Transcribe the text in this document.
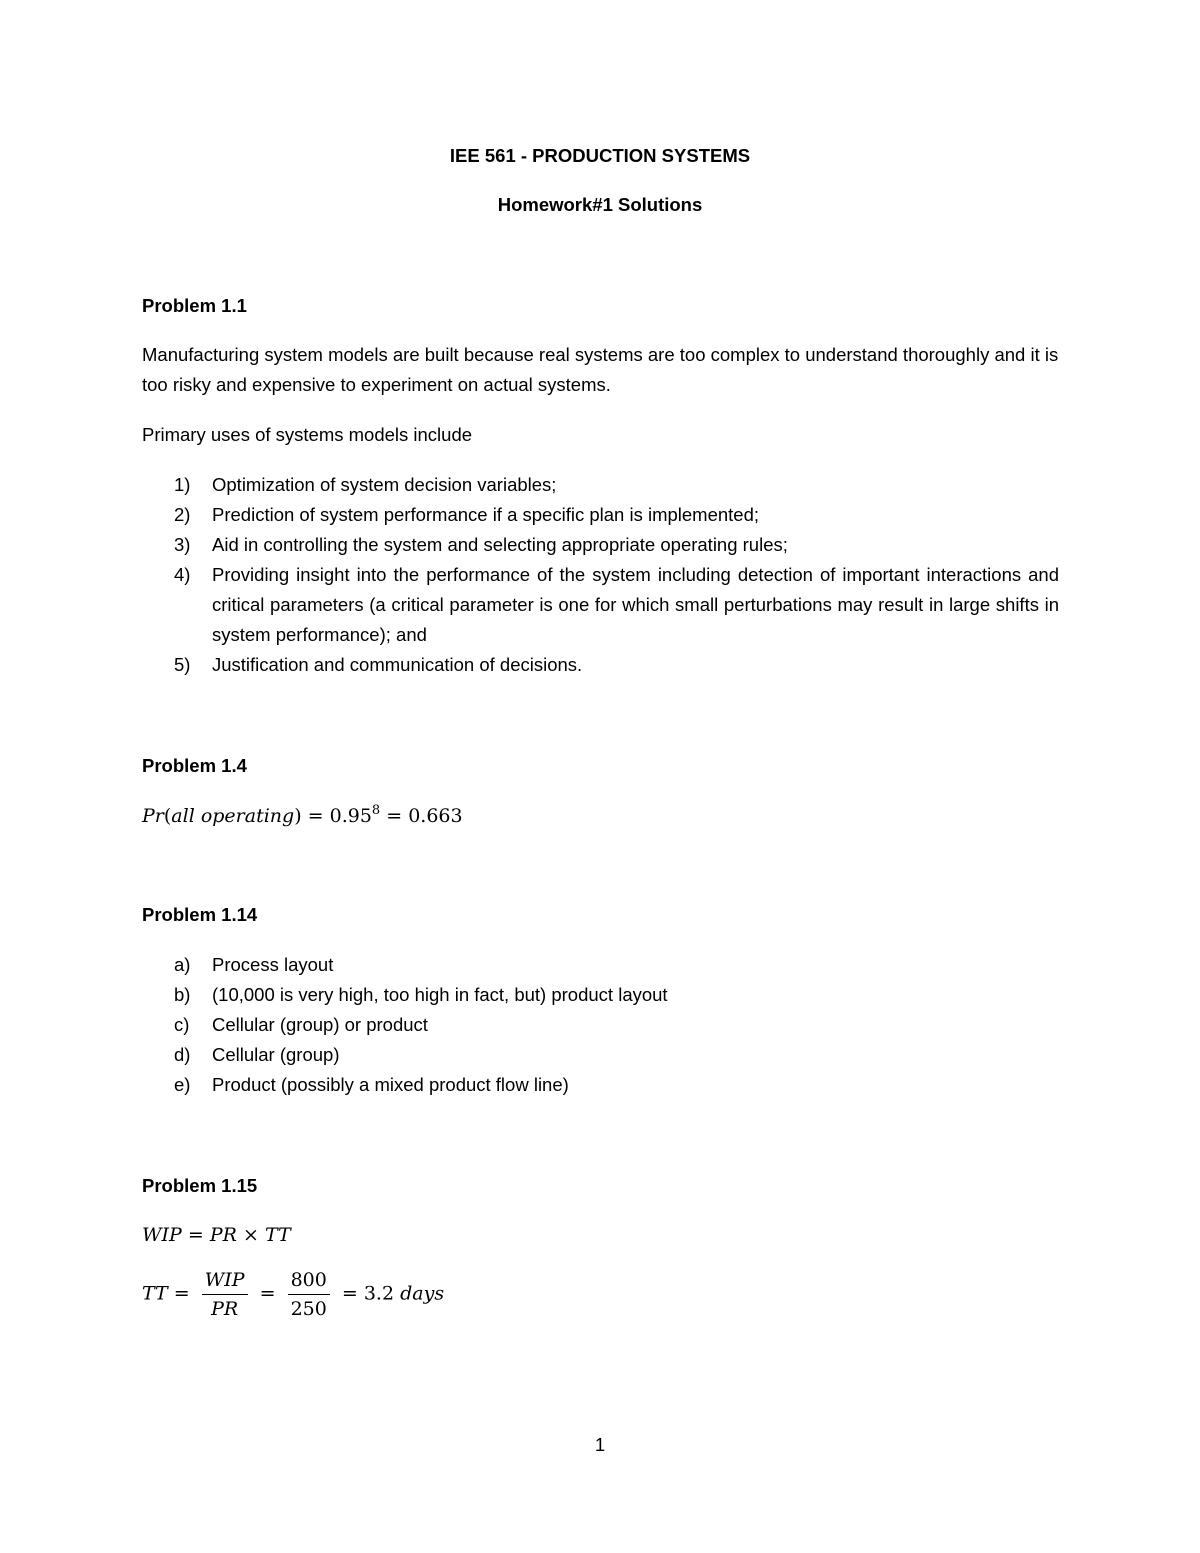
IEE 561 - PRODUCTION SYSTEMS
Homework#1 Solutions
Problem 1.1

Manufacturing system models are built because real systems are too complex to understand thoroughly and it is too risky and expensive to experiment on actual systems.

Primary uses of systems models include
1) Optimization of system decision variables;
2) Prediction of system performance if a specific plan is implemented;
3) Aid in controlling the system and selecting appropriate operating rules;
4) Providing insight into the performance of the system including detection of important interactions and critical parameters (a critical parameter is one for which small perturbations may result in large shifts in system performance); and
5) Justification and communication of decisions.
Problem 1.4
Pr(all operating) = $0.95^8 = 0.663$
Problem 1.14
a) Process layout
b) (10,000 is very high, too high in fact, but) product layout
c) Cellular (group) or product
d) Cellular (group)
e) Product (possibly a mixed product flow line)
Problem 1.15
WIP = PR × TT
TT = $\frac{\text{WIP}}{PR} = \frac{800}{250} = 3.2$ days
1
